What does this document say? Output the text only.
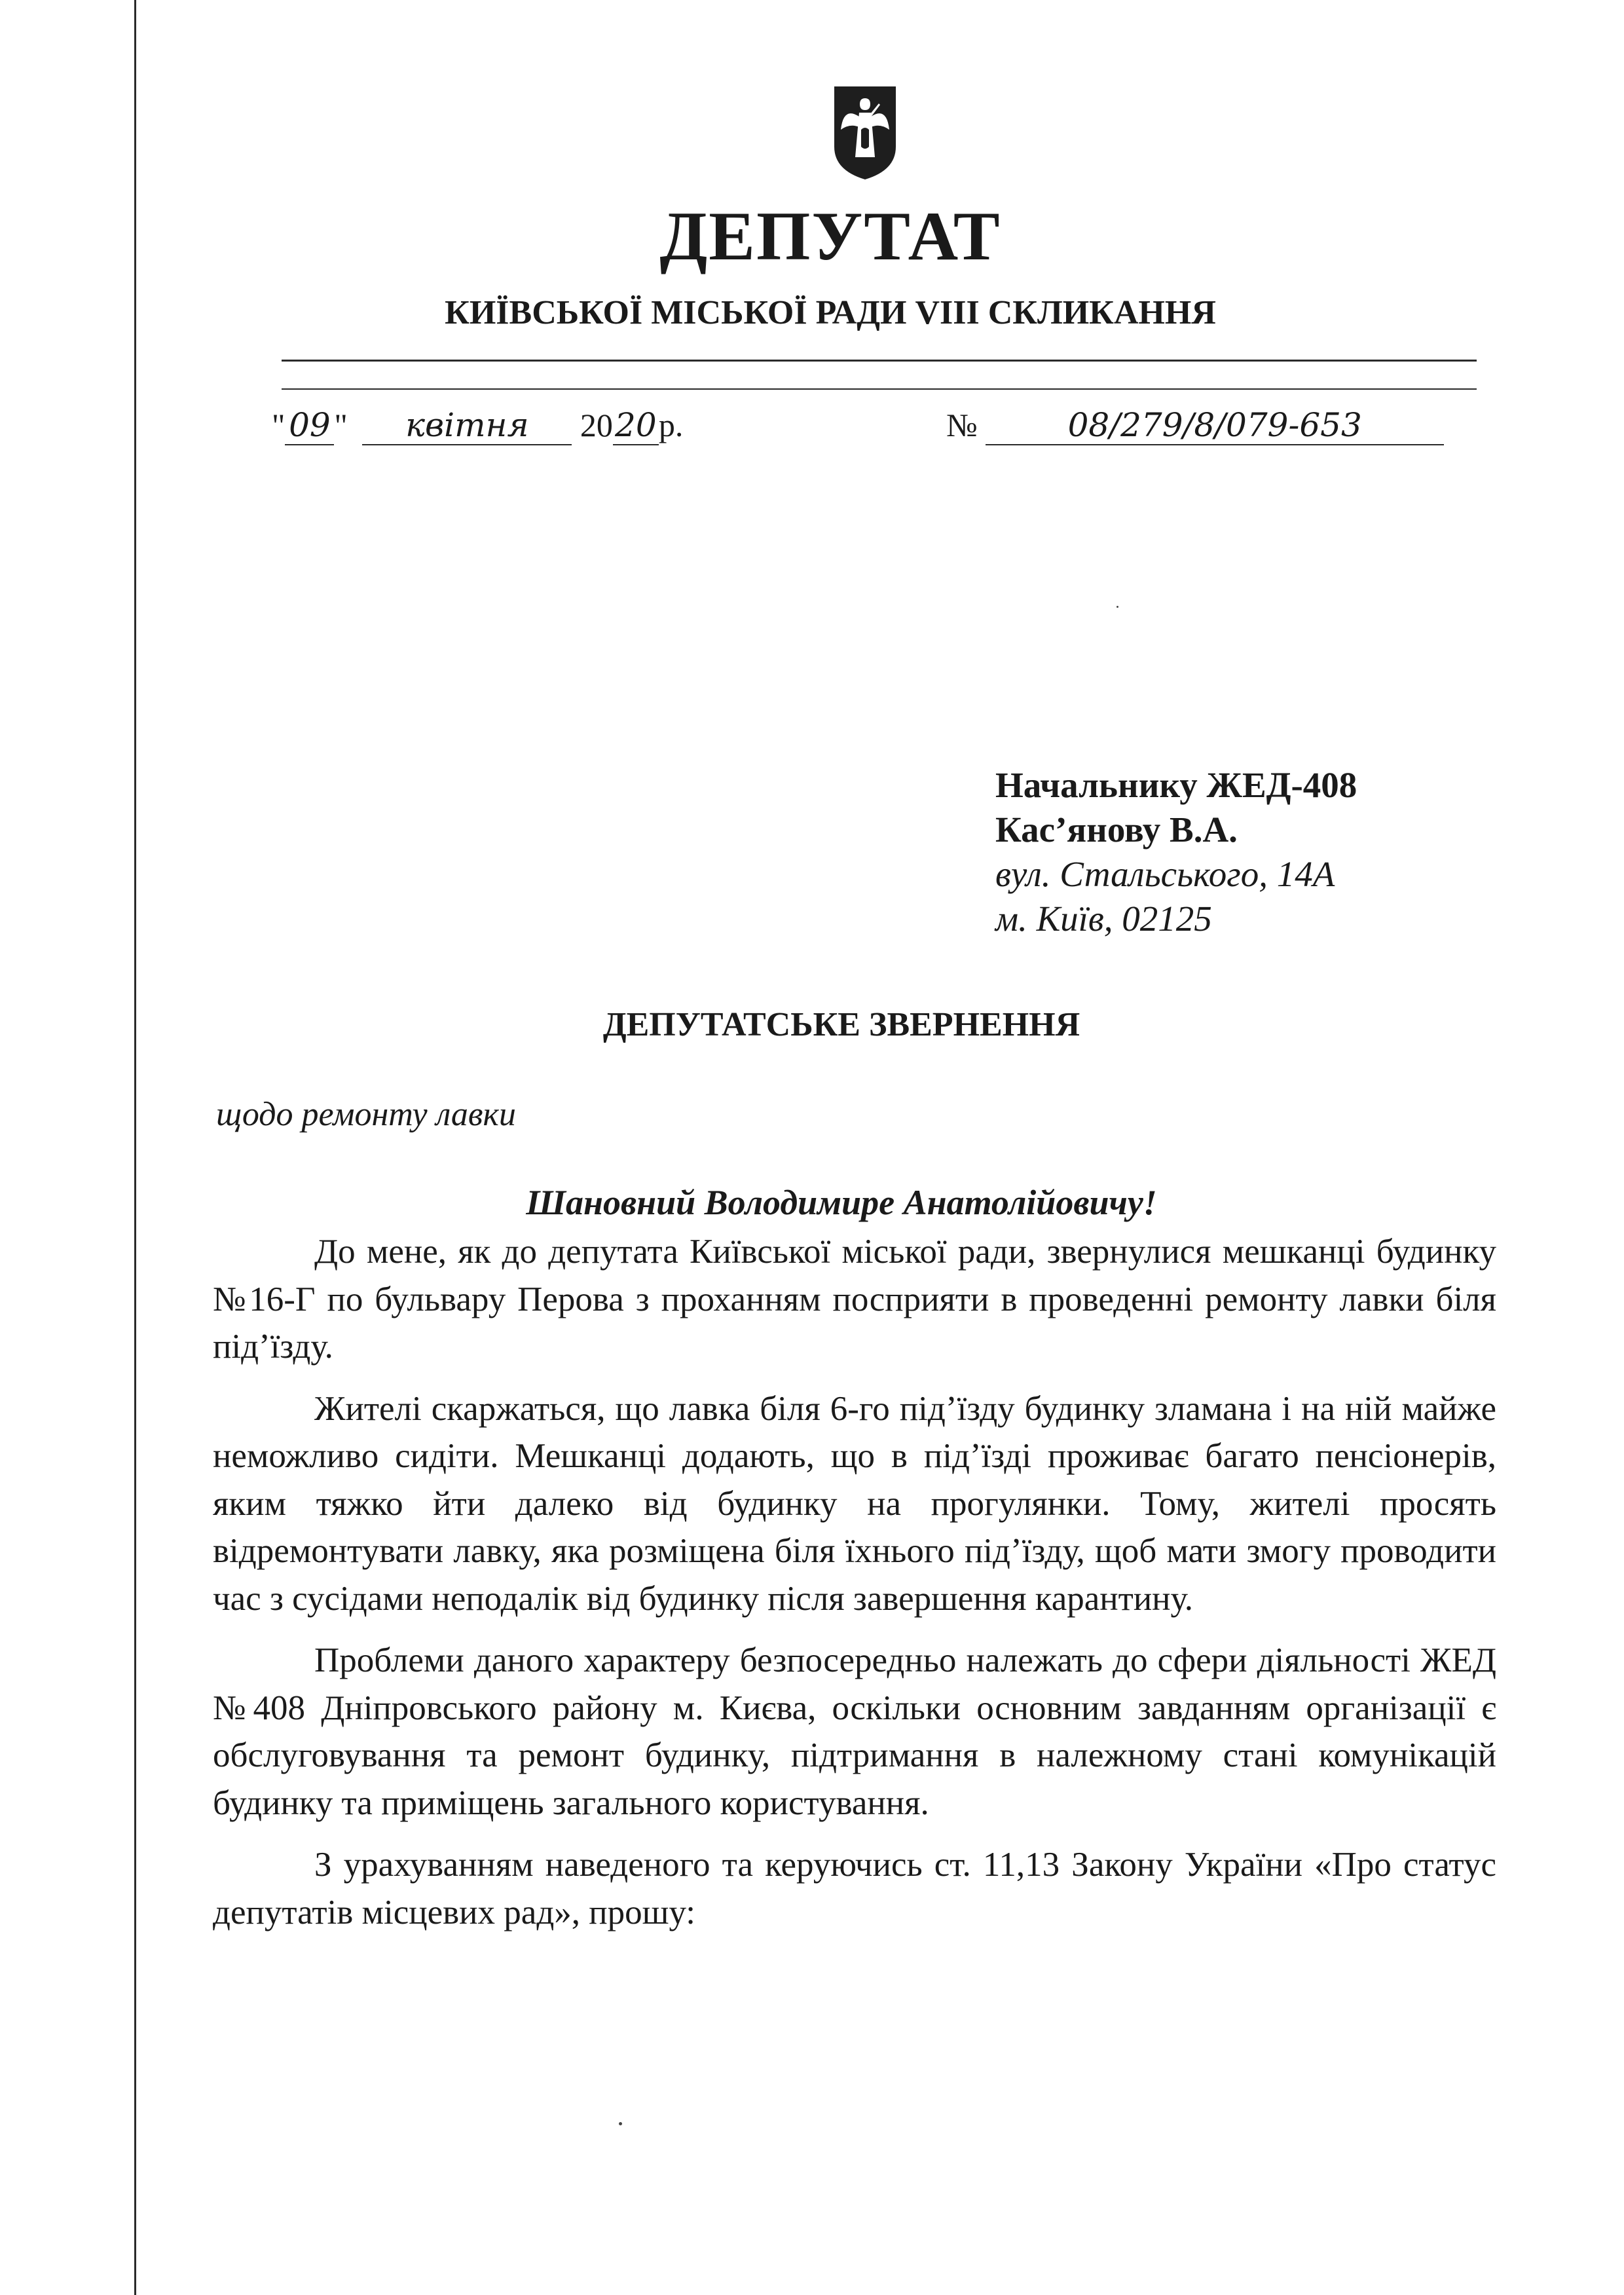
ДЕПУТАТ
КИЇВСЬКОЇ МІСЬКОЇ РАДИ VIII СКЛИКАННЯ
" 09 " квітня 2020р.	№	08/279/8/079-653
Начальнику ЖЕД-408
Кас’янову В.А.
вул. Стальського, 14А
м. Київ, 02125
ДЕПУТАТСЬКЕ ЗВЕРНЕННЯ
щодо ремонту лавки
Шановний Володимире Анатолійовичу!

До мене, як до депутата Київської міської ради, звернулися мешканці будинку №16-Г по бульвару Перова з проханням посприяти в проведенні ремонту лавки біля під’їзду.

Жителі скаржаться, що лавка біля 6-го під’їзду будинку зламана і на ній майже неможливо сидіти. Мешканці додають, що в під’їзді проживає багато пенсіонерів, яким тяжко йти далеко від будинку на прогулянки. Тому, жителі просять відремонтувати лавку, яка розміщена біля їхнього під’їзду, щоб мати змогу проводити час з сусідами неподалік від будинку після завершення карантину.

Проблеми даного характеру безпосередньо належать до сфери діяльності ЖЕД №408 Дніпровського району м. Києва, оскільки основним завданням організації є обслуговування та ремонт будинку, підтримання в належному стані комунікацій будинку та приміщень загального користування.

З урахуванням наведеного та керуючись ст. 11,13 Закону України «Про статус депутатів місцевих рад», прошу:
